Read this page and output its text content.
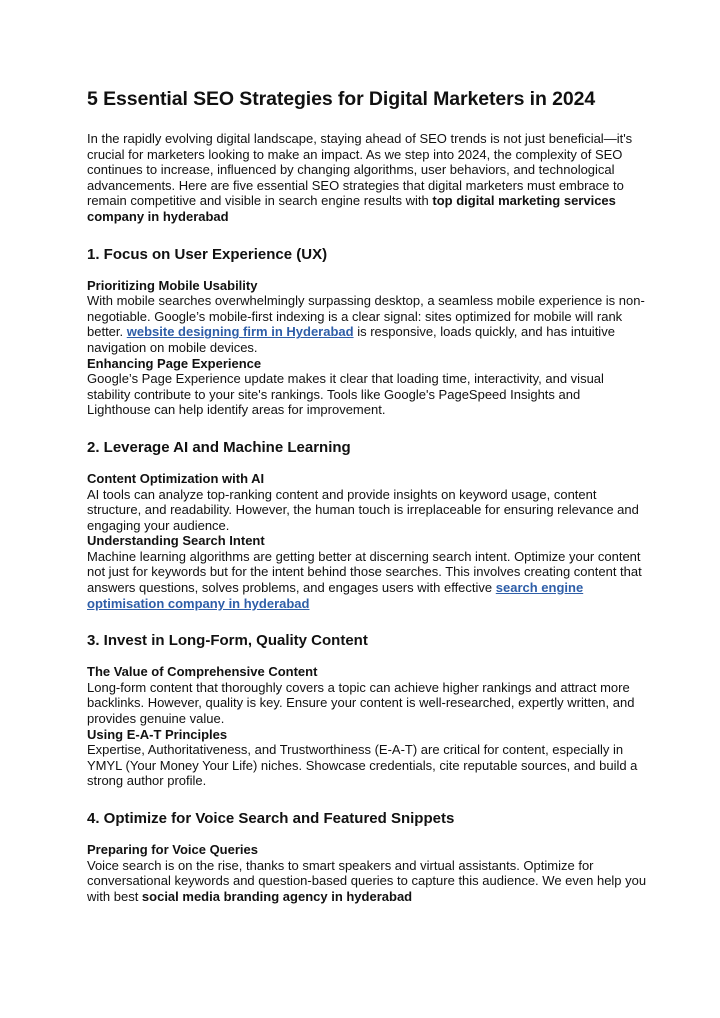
5 Essential SEO Strategies for Digital Marketers in 2024

In the rapidly evolving digital landscape, staying ahead of SEO trends is not just beneficial—it's crucial for marketers looking to make an impact. As we step into 2024, the complexity of SEO continues to increase, influenced by changing algorithms, user behaviors, and technological advancements. Here are five essential SEO strategies that digital marketers must embrace to remain competitive and visible in search engine results with top digital marketing services company in hyderabad

1. Focus on User Experience (UX)

Prioritizing Mobile Usability

With mobile searches overwhelmingly surpassing desktop, a seamless mobile experience is non-negotiable. Google’s mobile-first indexing is a clear signal: sites optimized for mobile will rank better. website designing firm in Hyderabad is responsive, loads quickly, and has intuitive navigation on mobile devices.

Enhancing Page Experience

Google’s Page Experience update makes it clear that loading time, interactivity, and visual stability contribute to your site's rankings. Tools like Google's PageSpeed Insights and Lighthouse can help identify areas for improvement.

2. Leverage AI and Machine Learning

Content Optimization with AI

AI tools can analyze top-ranking content and provide insights on keyword usage, content structure, and readability. However, the human touch is irreplaceable for ensuring relevance and engaging your audience.

Understanding Search Intent

Machine learning algorithms are getting better at discerning search intent. Optimize your content not just for keywords but for the intent behind those searches. This involves creating content that answers questions, solves problems, and engages users with effective search engine optimisation company in hyderabad

3. Invest in Long-Form, Quality Content

The Value of Comprehensive Content

Long-form content that thoroughly covers a topic can achieve higher rankings and attract more backlinks. However, quality is key. Ensure your content is well-researched, expertly written, and provides genuine value.

Using E-A-T Principles

Expertise, Authoritativeness, and Trustworthiness (E-A-T) are critical for content, especially in YMYL (Your Money Your Life) niches. Showcase credentials, cite reputable sources, and build a strong author profile.

4. Optimize for Voice Search and Featured Snippets

Preparing for Voice Queries

Voice search is on the rise, thanks to smart speakers and virtual assistants. Optimize for conversational keywords and question-based queries to capture this audience. We even help you with best social media branding agency in hyderabad
